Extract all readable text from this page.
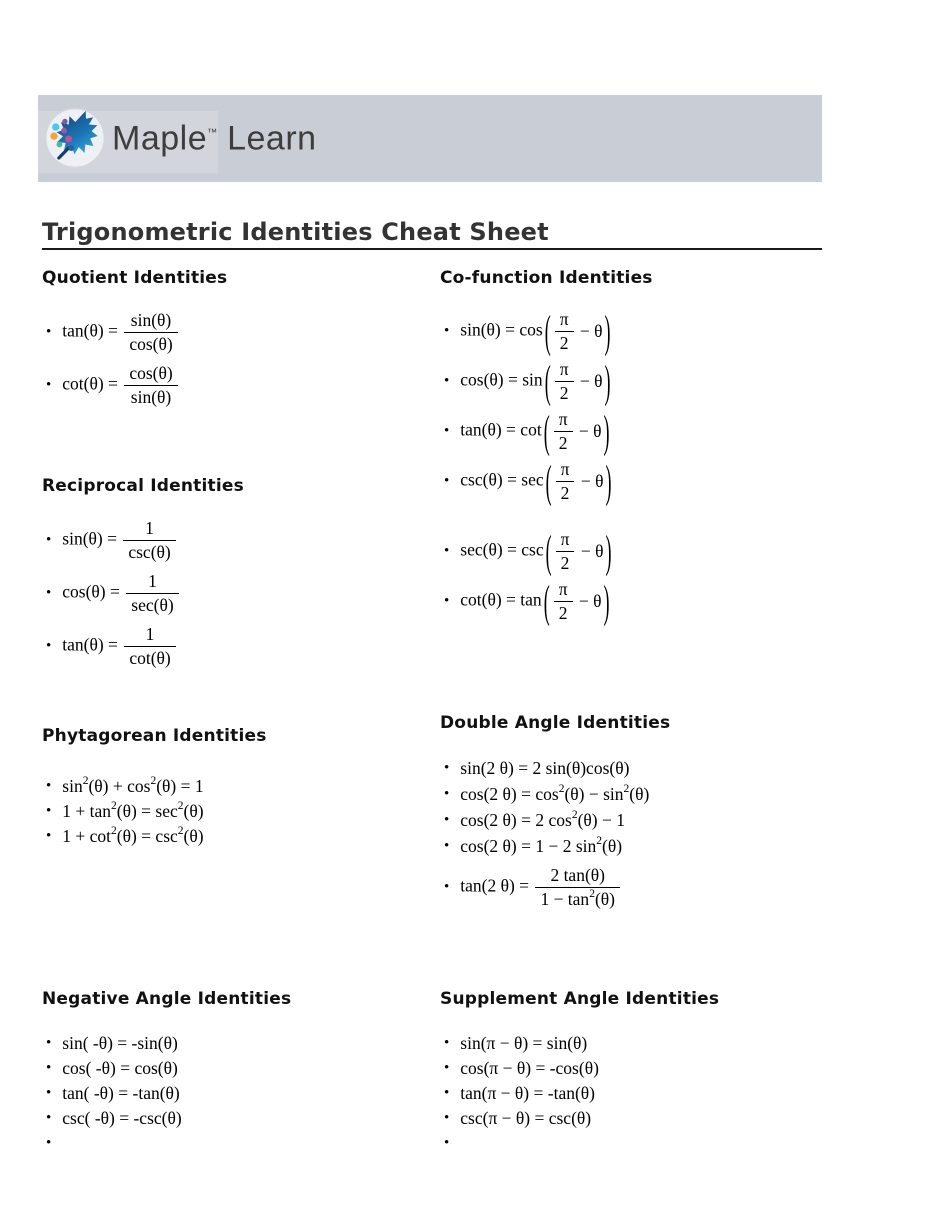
Maple™ Learn
Trigonometric Identities Cheat Sheet
Quotient Identities
• $\tan(\theta) = \frac{\sin(\theta)}{\cos(\theta)}$
• $\cot(\theta) = \frac{\cos(\theta)}{\sin(\theta)}$
Co-function Identities
• sin(θ) = cos ( $\frac{\pi}{2} - \theta$ )
• cos(θ) = sin ( $\frac{\pi}{2} - \theta$ )
• tan(θ) = cot ( $\frac{\pi}{2} - \theta$ )
• csc(θ) = sec ( $\frac{\pi}{2} - \theta$ )
• sec(θ) = csc ( $\frac{\pi}{2} - \theta$ )
• cot(θ) = tan ( $\frac{\pi}{2} - \theta$ )
Reciprocal Identities
• $\sin(\theta) = \frac{1}{\csc(\theta)}$
• $\cos(\theta) = \frac{1}{\sec(\theta)}$
• $\tan(\theta) = \frac{1}{\cot(\theta)}$
Phytagorean Identities
• $\sin^2(\theta) + \cos^2(\theta) = 1$
• $1 + \tan^2(\theta) = \sec^2(\theta)$
• $1 + \cot^2(\theta) = \csc^2(\theta)$
Double Angle Identities
• sin(2 θ) = 2 sin(θ)cos(θ)
• cos(2 $\theta) = \cos^2(\theta) - \sin^2(\theta)$
• cos(2 θ) = 2 $\cos^2(\theta) - 1$
• cos(2 θ) = 1 − 2 $\sin^2(\theta)$
• tan(2 $\theta) = \frac{2 \tan(\theta)}{1 - \tan^2(\theta)}$
Negative Angle Identities
• sin( -θ) = -sin(θ)
• cos( -θ) = cos(θ)
• tan( -θ) = -tan(θ)
• csc( -θ) = -csc(θ)
•
Supplement Angle Identities
• sin(π − θ) = sin(θ)
• cos(π − θ) = -cos(θ)
• tan(π − θ) = -tan(θ)
• csc(π − θ) = csc(θ)
•
